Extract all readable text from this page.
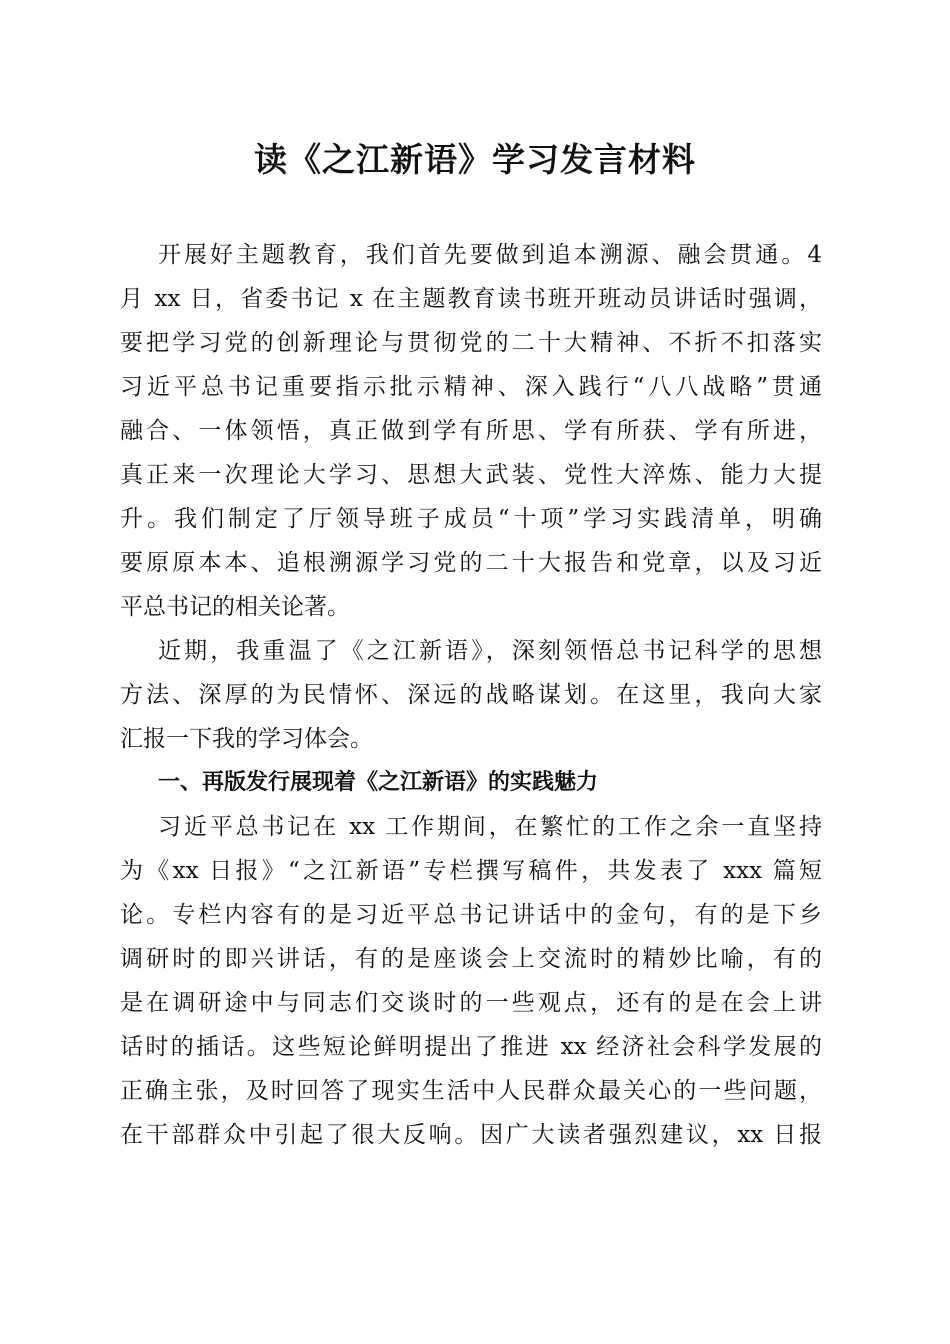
读《之江新语》学习发言材料
开展好主题教育，我们首先要做到追本溯源、融会贯通。4
月 xx 日，省委书记 x 在主题教育读书班开班动员讲话时强调，
要把学习党的创新理论与贯彻党的二十大精神、不折不扣落实
习近平总书记重要指示批示精神、深入践行“八八战略”贯通
融合、一体领悟，真正做到学有所思、学有所获、学有所进，
真正来一次理论大学习、思想大武装、党性大淬炼、能力大提
升。我们制定了厅领导班子成员“十项”学习实践清单，明确
要原原本本、追根溯源学习党的二十大报告和党章，以及习近
平总书记的相关论著。
近期，我重温了《之江新语》，深刻领悟总书记科学的思想
方法、深厚的为民情怀、深远的战略谋划。在这里，我向大家
汇报一下我的学习体会。
一、再版发行展现着《之江新语》的实践魅力
习近平总书记在 xx 工作期间，在繁忙的工作之余一直坚持
为《xx 日报》“之江新语”专栏撰写稿件，共发表了 xxx 篇短
论。专栏内容有的是习近平总书记讲话中的金句，有的是下乡
调研时的即兴讲话，有的是座谈会上交流时的精妙比喻，有的
是在调研途中与同志们交谈时的一些观点，还有的是在会上讲
话时的插话。这些短论鲜明提出了推进 xx 经济社会科学发展的
正确主张，及时回答了现实生活中人民群众最关心的一些问题，
在干部群众中引起了很大反响。因广大读者强烈建议，xx 日报
